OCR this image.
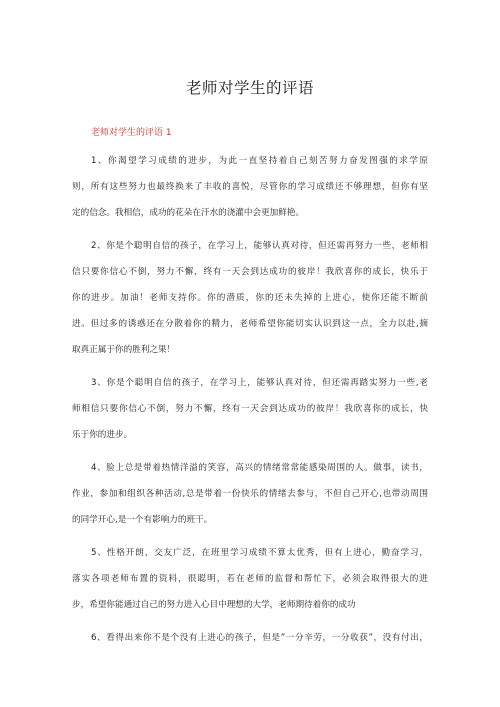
老师对学生的评语
老师对学生的评语 1
1、你渴望学习成绩的进步，为此一直坚持着自己刻苦努力奋发图强的求学原
则，所有这些努力也最终换来了丰收的喜悦，尽管你的学习成绩还不够理想，但你有坚
定的信念。我相信，成功的花朵在汗水的浇灌中会更加鲜艳。
2、你是个聪明自信的孩子，在学习上，能够认真对待，但还需再努力一些，老师相
信只要你信心不倒，努力不懈，终有一天会到达成功的彼岸！我欣喜你的成长，快乐于
你的进步。加油！老师支持你。你的潜质，你的还未失掉的上进心，使你还能不断前
进。但过多的诱惑还在分散着你的精力，老师希望你能切实认识到这一点，全力以赴,摘
取真正属于你的胜利之果！
3、你是个聪明自信的孩子，在学习上，能够认真对待，但还需再踏实努力一些,老
师相信只要你信心不倒，努力不懈，终有一天会到达成功的彼岸！我欣喜你的成长，快
乐于你的进步。
4、脸上总是带着热情洋溢的笑容，高兴的情绪常常能感染周围的人。做事，读书，
作业，参加和组织各种活动,总是带着一份快乐的情绪去参与，不但自己开心,也带动周围
的同学开心,是一个有影响力的班干。
5、性格开朗，交友广泛，在班里学习成绩不算太优秀，但有上进心，勤奋学习，
落实各项老师布置的资料，很聪明，若在老师的监督和帮忙下，必须会取得很大的进
步，希望你能通过自己的努力进入心目中理想的大学，老师期待着你的成功
6、看得出来你不是个没有上进心的孩子，但是”一分辛劳，一分收获”，没有付出，
